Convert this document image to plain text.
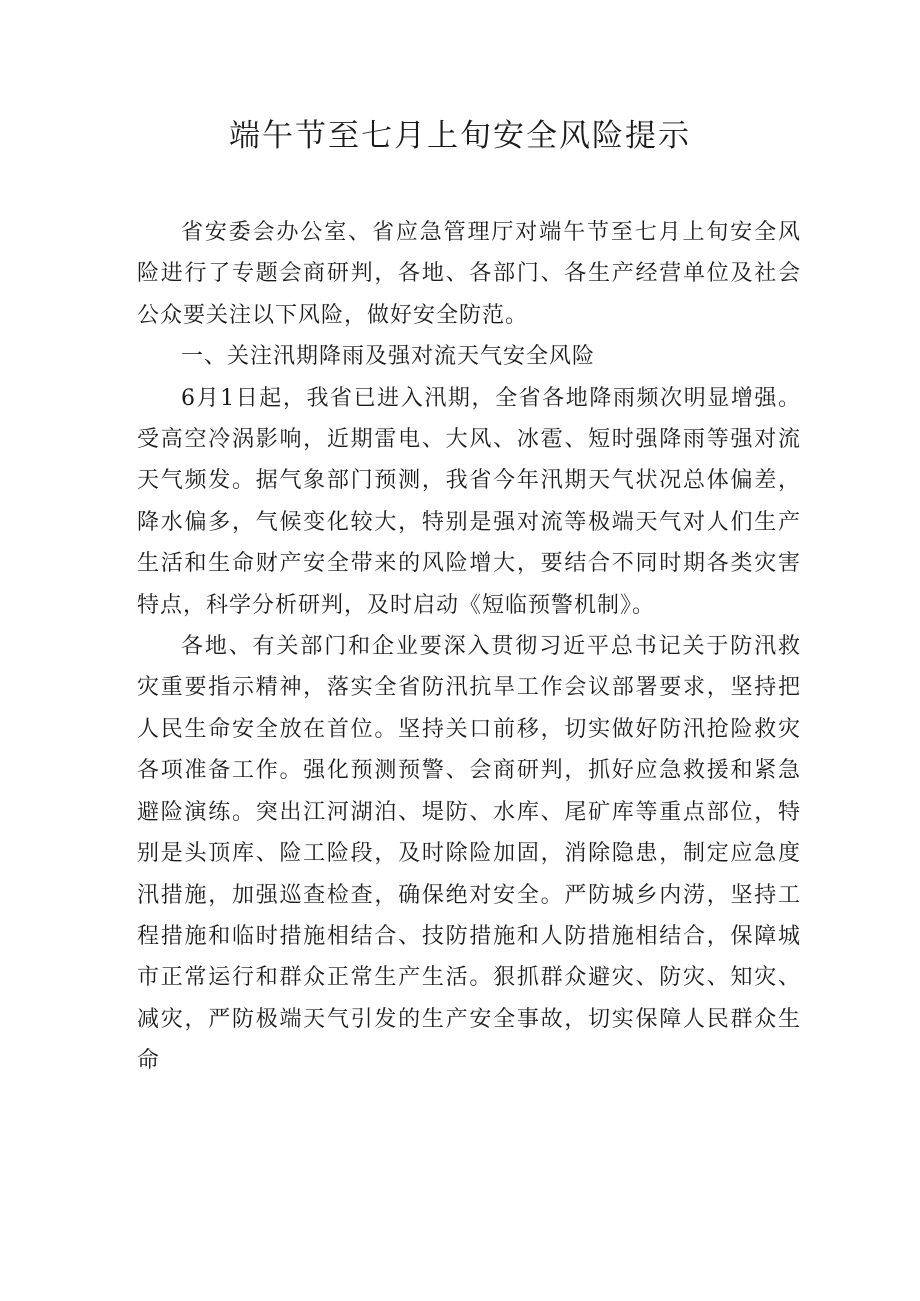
端午节至七月上旬安全风险提示

省安委会办公室、省应急管理厅对端午节至七月上旬安全风险进行了专题会商研判，各地、各部门、各生产经营单位及社会公众要关注以下风险，做好安全防范。

一、关注汛期降雨及强对流天气安全风险

6月1日起，我省已进入汛期，全省各地降雨频次明显增强。受高空冷涡影响，近期雷电、大风、冰雹、短时强降雨等强对流天气频发。据气象部门预测，我省今年汛期天气状况总体偏差，降水偏多，气候变化较大，特别是强对流等极端天气对人们生产生活和生命财产安全带来的风险增大，要结合不同时期各类灾害特点，科学分析研判，及时启动《短临预警机制》。

各地、有关部门和企业要深入贯彻习近平总书记关于防汛救灾重要指示精神，落实全省防汛抗旱工作会议部署要求，坚持把人民生命安全放在首位。坚持关口前移，切实做好防汛抢险救灾各项准备工作。强化预测预警、会商研判，抓好应急救援和紧急避险演练。突出江河湖泊、堤防、水库、尾矿库等重点部位，特别是头顶库、险工险段，及时除险加固，消除隐患，制定应急度汛措施，加强巡查检查，确保绝对安全。严防城乡内涝，坚持工程措施和临时措施相结合、技防措施和人防措施相结合，保障城市正常运行和群众正常生产生活。狠抓群众避灾、防灾、知灾、减灾，严防极端天气引发的生产安全事故，切实保障人民群众生命
